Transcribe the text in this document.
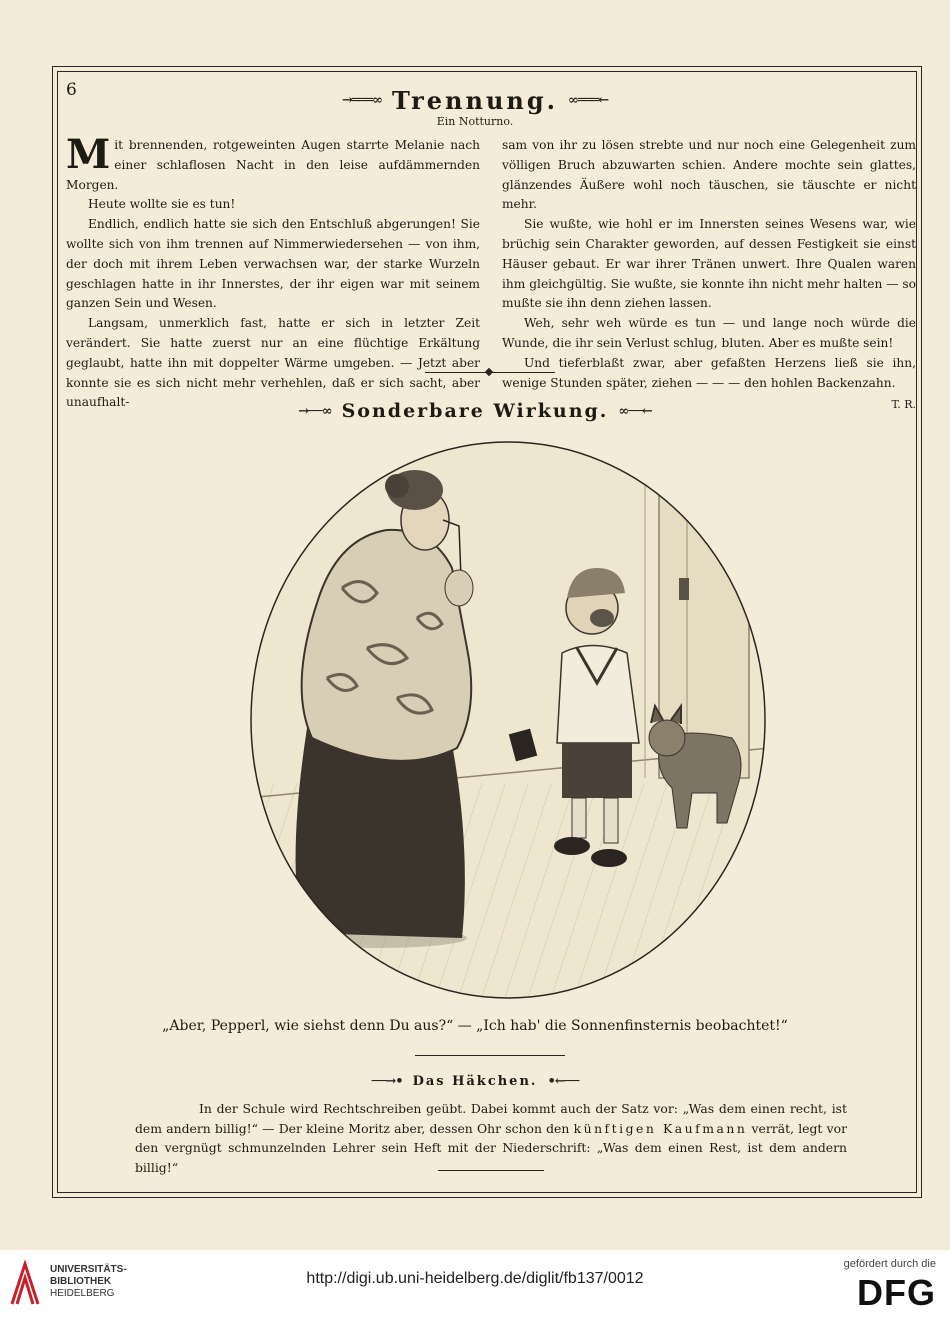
6
→═══∞ Trennung. ∞═══←
Ein Notturno.

Mit brennenden, rotgeweinten Augen starrte Melanie nach einer schlaflosen Nacht in den leise aufdämmernden Morgen.

Heute wollte sie es tun!

Endlich, endlich hatte sie sich den Entschluß abgerungen! Sie wollte sich von ihm trennen auf Nimmerwiedersehen — von ihm, der doch mit ihrem Leben verwachsen war, der starke Wurzeln geschlagen hatte in ihr Innerstes, der ihr eigen war mit seinem ganzen Sein und Wesen.

Langsam, unmerklich fast, hatte er sich in letzter Zeit verändert. Sie hatte zuerst nur an eine flüchtige Erkältung geglaubt, hatte ihn mit doppelter Wärme umgeben. — Jetzt aber konnte sie es sich nicht mehr verhehlen, daß er sich sacht, aber unaufhalt-

sam von ihr zu lösen strebte und nur noch eine Gelegenheit zum völligen Bruch abzuwarten schien. Andere mochte sein glattes, glänzendes Äußere wohl noch täuschen, sie täuschte er nicht mehr.

Sie wußte, wie hohl er im Innersten seines Wesens war, wie brüchig sein Charakter geworden, auf dessen Festigkeit sie einst Häuser gebaut. Er war ihrer Tränen unwert. Ihre Qualen waren ihm gleichgültig. Sie wußte, sie konnte ihn nicht mehr halten — so mußte sie ihn denn ziehen lassen.

Weh, sehr weh würde es tun — und lange noch würde die Wunde, die ihr sein Verlust schlug, bluten. Aber es mußte sein!

Und tieferblaßt zwar, aber gefaßten Herzens ließ sie ihn, wenige Stunden später, ziehen — — — den hohlen Backenzahn.

T. R.
→──∞ Sonderbare Wirkung. ∞──←
„Aber, Pepperl, wie siehst denn Du aus?“ — „Ich hab' die Sonnenfinsternis beobachtet!“
──→• Das Häkchen. •←──

In der Schule wird Rechtschreiben geübt. Dabei kommt auch der Satz vor: „Was dem einen recht, ist dem andern billig!“ — Der kleine Moritz aber, dessen Ohr schon den künftigen Kaufmann verrät, legt vor den vergnügt schmunzelnden Lehrer sein Heft mit der Niederschrift: „Was dem einen Rest, ist dem andern billig!“

UNIVERSITÄTS-
BIBLIOTHEK
HEIDELBERG
http://digi.ub.uni-heidelberg.de/diglit/fb137/0012
gefördert durch die
DFG
